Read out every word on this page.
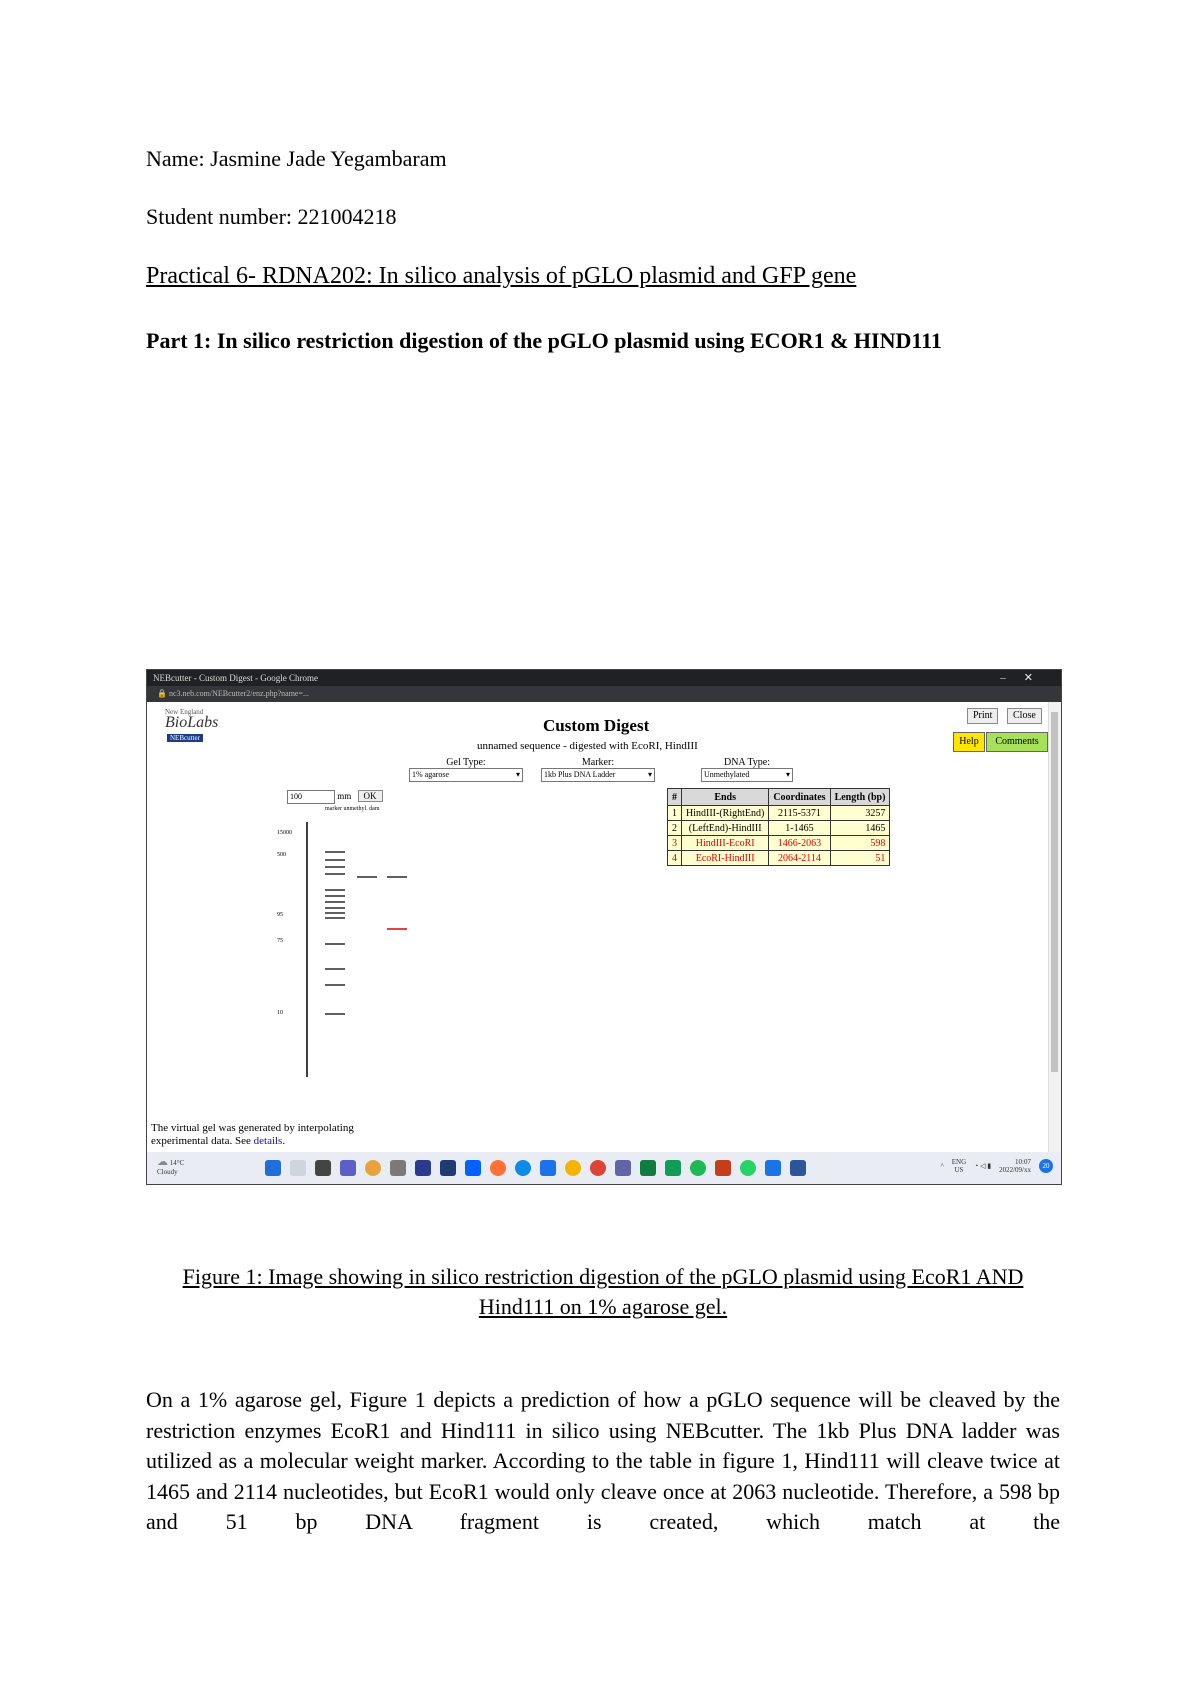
Name: Jasmine Jade Yegambaram
Student number: 221004218
Practical 6- RDNA202: In silico analysis of pGLO plasmid and GFP gene
Part 1: In silico restriction digestion of the pGLO plasmid using ECOR1 & HIND111
NEBcutter - Custom Digest - Google Chrome	–✕
🔒 nc3.neb.com/NEBcutter2/enz.php?name=...
New England
BioLabs
NEBcutter
Custom Digest
unnamed sequence - digested with EcoRI, HindIII
Print	Close
Help	Comments
Gel Type:
1% agarose ▾
Marker:
1kb Plus DNA Ladder ▾
DNA Type:
Unmethylated ▾
100	mm OK
marker unmethyl. dam
15000
500
95
75
10
#	Ends	Coordinates	Length (bp)
1	HindIII-(RightEnd)	2115-5371	3257
2	(LeftEnd)-HindIII	1-1465	1465
3	HindIII-EcoRI	1466-2063	598
4	EcoRI-HindIII	2064-2114	51
The virtual gel was generated by interpolating
experimental data. See details.
☁ 14°C
Cloudy
^ ENG
US	◔ ◁ ▮	10:07
2022/09/xx	20
Figure 1: Image showing in silico restriction digestion of the pGLO plasmid using EcoR1 AND Hind111 on 1% agarose gel.
On a 1% agarose gel, Figure 1 depicts a prediction of how a pGLO sequence will be cleaved by the restriction enzymes EcoR1 and Hind111 in silico using NEBcutter. The 1kb Plus DNA ladder was utilized as a molecular weight marker. According to the table in figure 1, Hind111 will cleave twice at 1465 and 2114 nucleotides, but EcoR1 would only cleave once at 2063 nucleotide. Therefore, a 598 bp and 51 bp DNA fragment is created, which match at the
